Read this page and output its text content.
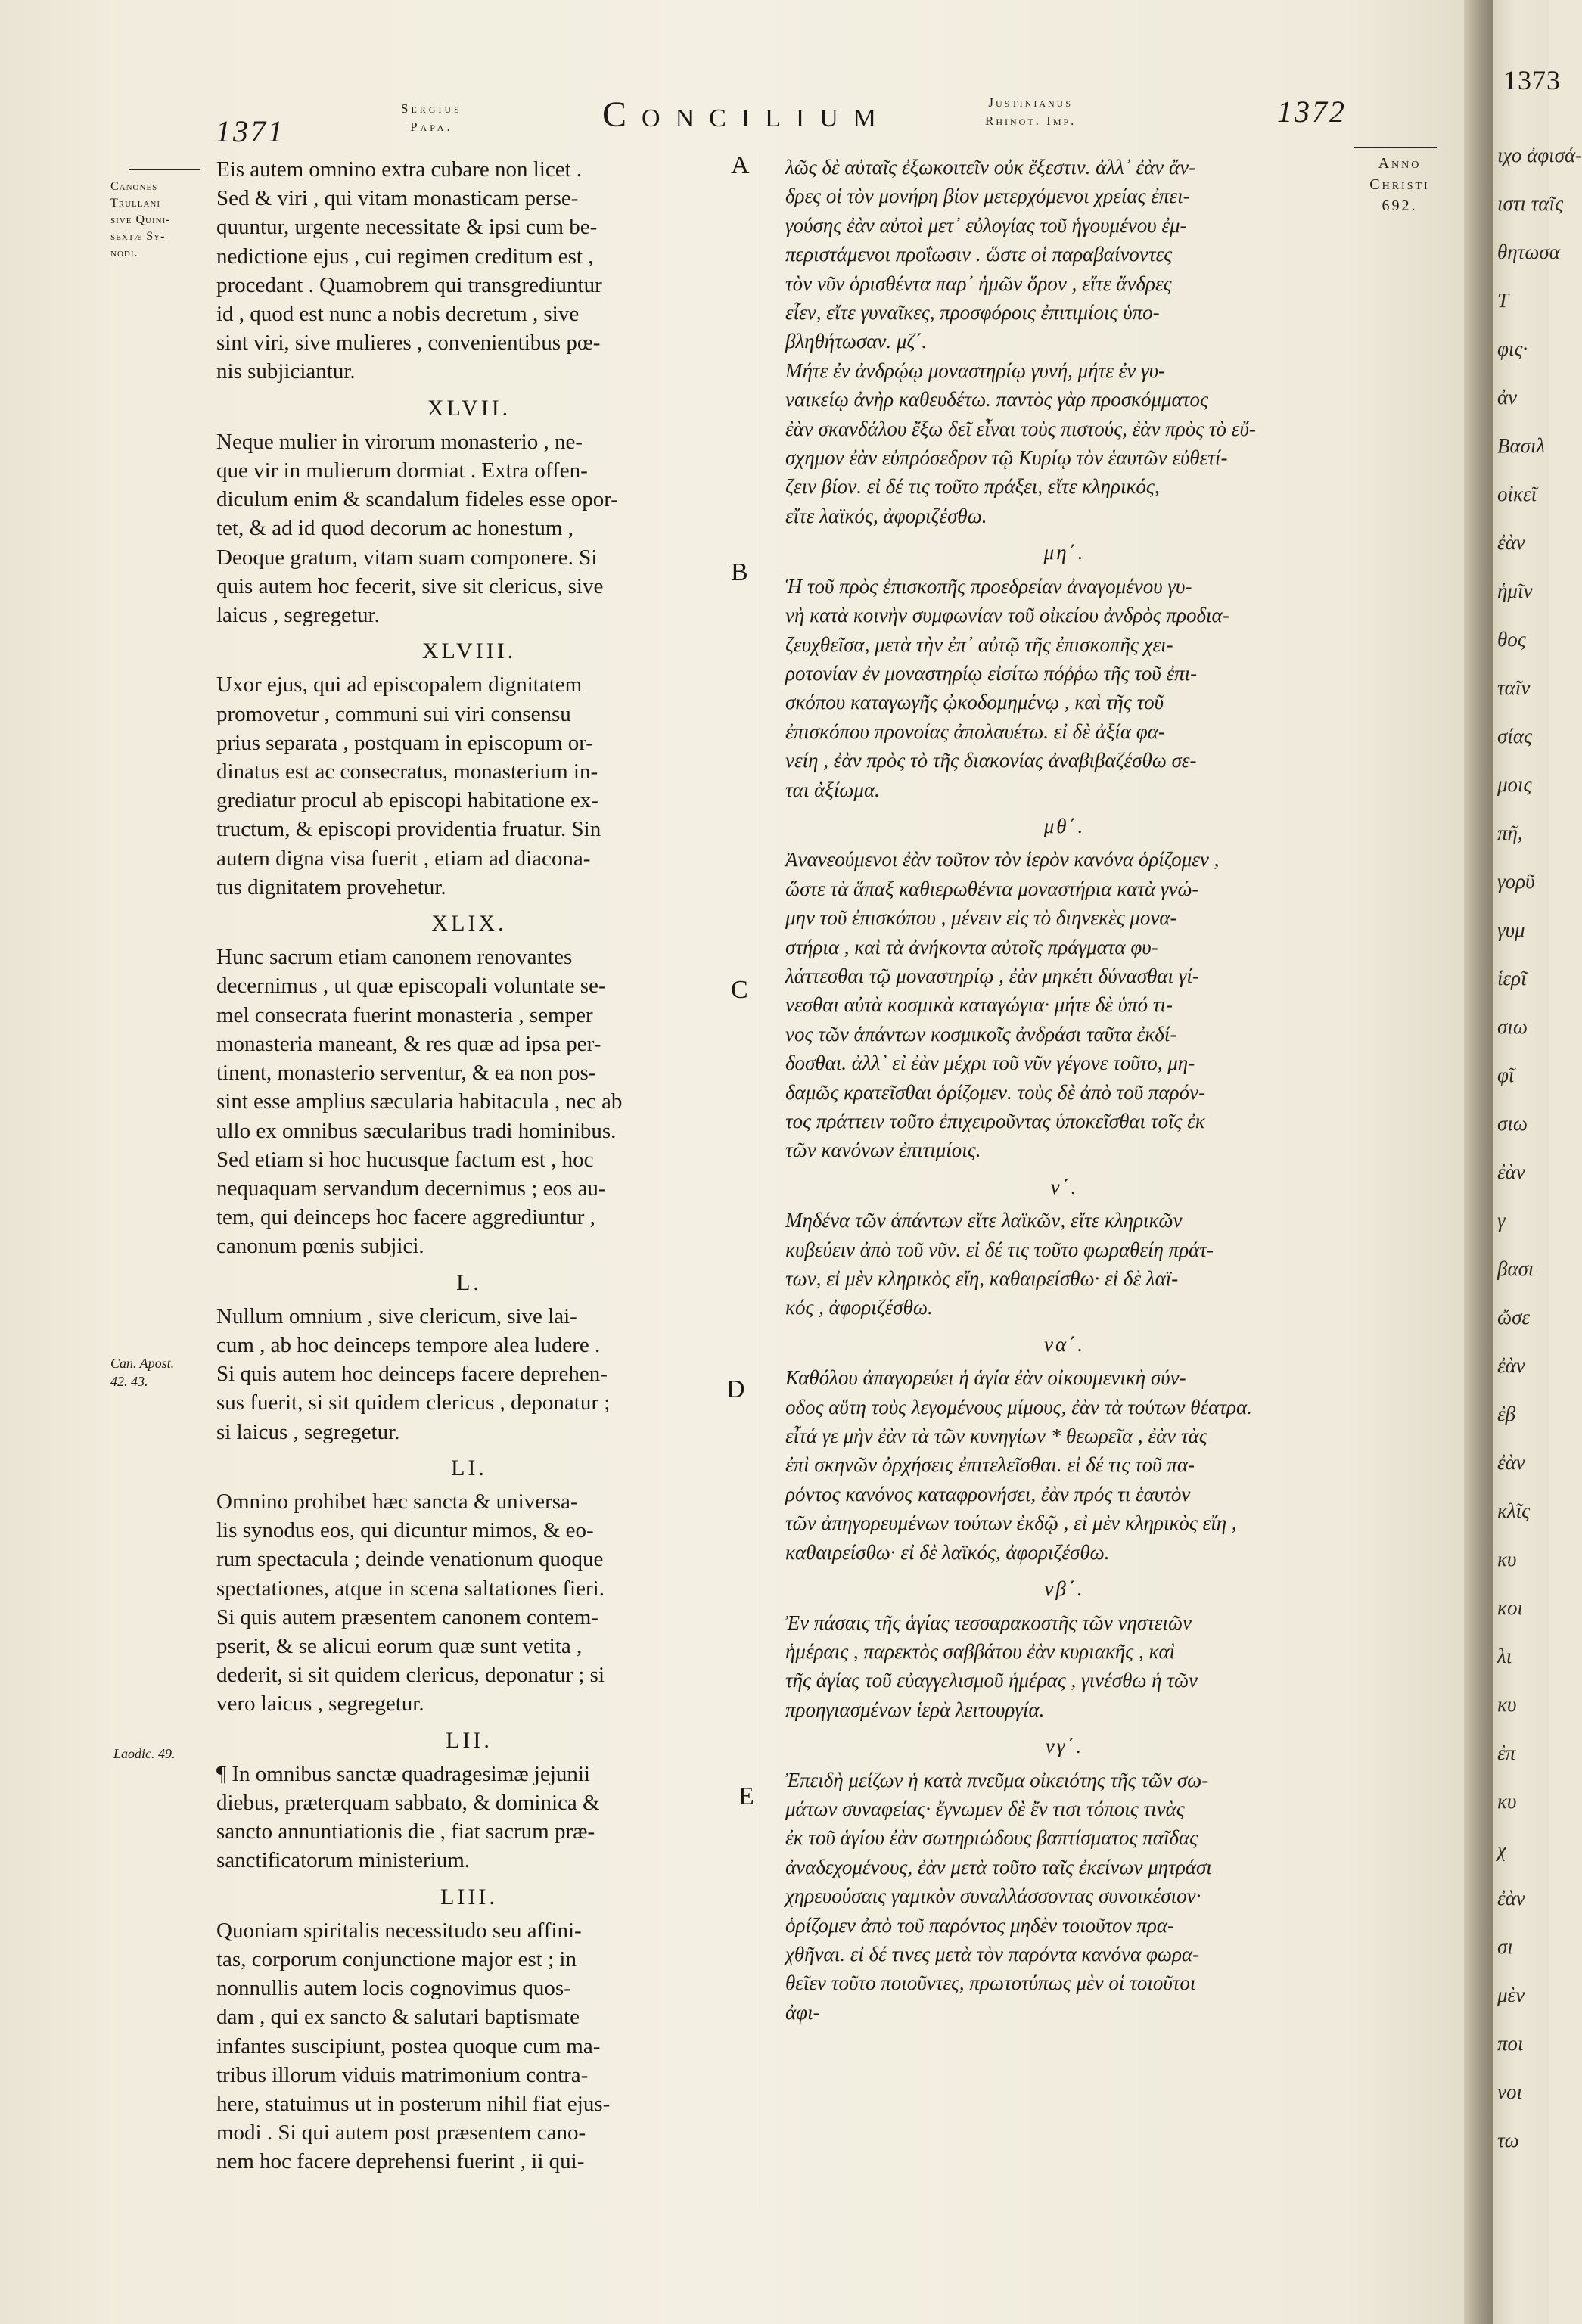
1371
Sergius
Papa.	Concilium	Justinianus
Rhinot. Imp.	1372
Canones
Trullani
sive Quini-
sextæ Sy-
nodi.
Can. Apost.
42. 43.
Laodic. 49.
Anno
Christi
692.
A
B
C
D
E
Eis autem omnino extra cubare non licet .
Sed & viri , qui vitam monasticam perse-
quuntur, urgente necessitate & ipsi cum be-
nedictione ejus , cui regimen creditum est ,
procedant . Quamobrem qui transgrediuntur
id , quod est nunc a nobis decretum , sive
sint viri, sive mulieres , convenientibus pœ-
nis subjiciantur.
XLVII.
Neque mulier in virorum monasterio , ne-
que vir in mulierum dormiat . Extra offen-
diculum enim & scandalum fideles esse opor-
tet, & ad id quod decorum ac honestum ,
Deoque gratum, vitam suam componere. Si
quis autem hoc fecerit, sive sit clericus, sive
laicus , segregetur.
XLVIII.
Uxor ejus, qui ad episcopalem dignitatem
promovetur , communi sui viri consensu
prius separata , postquam in episcopum or-
dinatus est ac consecratus, monasterium in-
grediatur procul ab episcopi habitatione ex-
tructum, & episcopi providentia fruatur. Sin
autem digna visa fuerit , etiam ad diacona-
tus dignitatem provehetur.
XLIX.
Hunc sacrum etiam canonem renovantes
decernimus , ut quæ episcopali voluntate se-
mel consecrata fuerint monasteria , semper
monasteria maneant, & res quæ ad ipsa per-
tinent, monasterio serventur, & ea non pos-
sint esse amplius sæcularia habitacula , nec ab
ullo ex omnibus sæcularibus tradi hominibus.
Sed etiam si hoc hucusque factum est , hoc
nequaquam servandum decernimus ; eos au-
tem, qui deinceps hoc facere aggrediuntur ,
canonum pœnis subjici.
L.
Nullum omnium , sive clericum, sive lai-
cum , ab hoc deinceps tempore alea ludere .
Si quis autem hoc deinceps facere deprehen-
sus fuerit, si sit quidem clericus , deponatur ;
si laicus , segregetur.
LI.
Omnino prohibet hæc sancta & universa-
lis synodus eos, qui dicuntur mimos, & eo-
rum spectacula ; deinde venationum quoque
spectationes, atque in scena saltationes fieri.
Si quis autem præsentem canonem contem-
pserit, & se alicui eorum quæ sunt vetita ,
dederit, si sit quidem clericus, deponatur ; si
vero laicus , segregetur.
LII.
¶ In omnibus sanctæ quadragesimæ jejunii
diebus, præterquam sabbato, & dominica &
sancto annuntiationis die , fiat sacrum præ-
sanctificatorum ministerium.
LIII.
Quoniam spiritalis necessitudo seu affini-
tas, corporum conjunctione major est ; in
nonnullis autem locis cognovimus quos-
dam , qui ex sancto & salutari baptismate
infantes suscipiunt, postea quoque cum ma-
tribus illorum viduis matrimonium contra-
here, statuimus ut in posterum nihil fiat ejus-
modi . Si qui autem post præsentem cano-
nem hoc facere deprehensi fuerint , ii qui-
λῶς δὲ αὐταῖς ἐξωκοιτεῖν οὐκ ἔξεστιν. ἀλλ᾽ ἐὰν ἄν-
δρες οἱ τὸν μονήρη βίον μετερχόμενοι χρείας ἐπει-
γούσης ἐὰν αὐτοὶ μετ᾽ εὐλογίας τοῦ ἡγουμένου ἐμ-
περιστάμενοι προΐωσιν . ὥστε οἱ παραβαίνοντες
τὸν νῦν ὁρισθέντα παρ᾽ ἡμῶν ὅρον , εἴτε ἄνδρες
εἶεν, εἴτε γυναῖκες, προσφόροις ἐπιτιμίοις ὑπο-
βληθήτωσαν. μζ΄.
Μήτε ἐν ἀνδρῴῳ μοναστηρίῳ γυνή, μήτε ἐν γυ-
ναικείῳ ἀνὴρ καθευδέτω. παντὸς γὰρ προσκόμματος
ἐὰν σκανδάλου ἔξω δεῖ εἶναι τοὺς πιστούς, ἐὰν πρὸς τὸ εὔ-
σχημον ἐὰν εὐπρόσεδρον τῷ Κυρίῳ τὸν ἑαυτῶν εὐθετί-
ζειν βίον. εἰ δέ τις τοῦτο πράξει, εἴτε κληρικός,
εἴτε λαϊκός, ἀφοριζέσθω.
μη΄.
Ἡ τοῦ πρὸς ἐπισκοπῆς προεδρείαν ἀναγομένου γυ-
νὴ κατὰ κοινὴν συμφωνίαν τοῦ οἰκείου ἀνδρὸς προδια-
ζευχθεῖσα, μετὰ τὴν ἐπ᾽ αὐτῷ τῆς ἐπισκοπῆς χει-
ροτονίαν ἐν μοναστηρίῳ εἰσίτω πόῤῥω τῆς τοῦ ἐπι-
σκόπου καταγωγῆς ᾠκοδομημένῳ , καὶ τῆς τοῦ
ἐπισκόπου προνοίας ἀπολαυέτω. εἰ δὲ ἀξία φα-
νείη , ἐὰν πρὸς τὸ τῆς διακονίας ἀναβιβαζέσθω σε-
ται ἀξίωμα.
μθ΄.
Ἀνανεούμενοι ἐὰν τοῦτον τὸν ἱερὸν κανόνα ὁρίζομεν ,
ὥστε τὰ ἅπαξ καθιερωθέντα μοναστήρια κατὰ γνώ-
μην τοῦ ἐπισκόπου , μένειν εἰς τὸ διηνεκὲς μονα-
στήρια , καὶ τὰ ἀνήκοντα αὐτοῖς πράγματα φυ-
λάττεσθαι τῷ μοναστηρίῳ , ἐὰν μηκέτι δύνασθαι γί-
νεσθαι αὐτὰ κοσμικὰ καταγώγια· μήτε δὲ ὑπό τι-
νος τῶν ἁπάντων κοσμικοῖς ἀνδράσι ταῦτα ἐκδί-
δοσθαι. ἀλλ᾽ εἰ ἐὰν μέχρι τοῦ νῦν γέγονε τοῦτο, μη-
δαμῶς κρατεῖσθαι ὁρίζομεν. τοὺς δὲ ἀπὸ τοῦ παρόν-
τος πράττειν τοῦτο ἐπιχειροῦντας ὑποκεῖσθαι τοῖς ἐκ
τῶν κανόνων ἐπιτιμίοις.
ν΄.
Μηδένα τῶν ἁπάντων εἴτε λαϊκῶν, εἴτε κληρικῶν
κυβεύειν ἀπὸ τοῦ νῦν. εἰ δέ τις τοῦτο φωραθείη πράτ-
των, εἰ μὲν κληρικὸς εἴη, καθαιρείσθω· εἰ δὲ λαϊ-
κός , ἀφοριζέσθω.
να΄.
Καθόλου ἀπαγορεύει ἡ ἁγία ἐὰν οἰκουμενικὴ σύν-
οδος αὕτη τοὺς λεγομένους μίμους, ἐὰν τὰ τούτων θέατρα.
εἶτά γε μὴν ἐὰν τὰ τῶν κυνηγίων * θεωρεῖα , ἐὰν τὰς
ἐπὶ σκηνῶν ὀρχήσεις ἐπιτελεῖσθαι. εἰ δέ τις τοῦ πα-
ρόντος κανόνος καταφρονήσει, ἐὰν πρός τι ἑαυτὸν
τῶν ἀπηγορευμένων τούτων ἐκδῷ , εἰ μὲν κληρικὸς εἴη ,
καθαιρείσθω· εἰ δὲ λαϊκός, ἀφοριζέσθω.
νβ΄.
Ἐν πάσαις τῆς ἁγίας τεσσαρακοστῆς τῶν νηστειῶν
ἡμέραις , παρεκτὸς σαββάτου ἐὰν κυριακῆς , καὶ
τῆς ἁγίας τοῦ εὐαγγελισμοῦ ἡμέρας , γινέσθω ἡ τῶν
προηγιασμένων ἱερὰ λειτουργία.
νγ΄.
Ἐπειδὴ μείζων ἡ κατὰ πνεῦμα οἰκειότης τῆς τῶν σω-
μάτων συναφείας· ἔγνωμεν δὲ ἔν τισι τόποις τινὰς
ἐκ τοῦ ἁγίου ἐὰν σωτηριώδους βαπτίσματος παῖδας
ἀναδεχομένους, ἐὰν μετὰ τοῦτο ταῖς ἐκείνων μητράσι
χηρευούσαις γαμικὸν συναλλάσσοντας συνοικέσιον·
ὁρίζομεν ἀπὸ τοῦ παρόντος μηδὲν τοιοῦτον πρα-
χθῆναι. εἰ δέ τινες μετὰ τὸν παρόντα κανόνα φωρα-
θεῖεν τοῦτο ποιοῦντες, πρωτοτύπως μὲν οἱ τοιοῦτοι
ἀφι-
1373
ιχο ἀφισά-
ιστι ταῖς
θητωσα
Τ
φις·
ἀν
Βασιλ
οἰκεῖ
ἐὰν
ἡμῖν
θος
ταῖν
σίας
μοις
πῆ,
γορῦ
γυμ
ἱερῖ
σιω
φῖ
σιω
ἐὰν
γ
βασι
ὤσε
ἐὰν
ἐβ
ἐὰν
κλῖς
κυ
κοι
λι
κυ
ἐπ
κυ
χ
ἐὰν
σι
μὲν
ποι
νοι
τω
